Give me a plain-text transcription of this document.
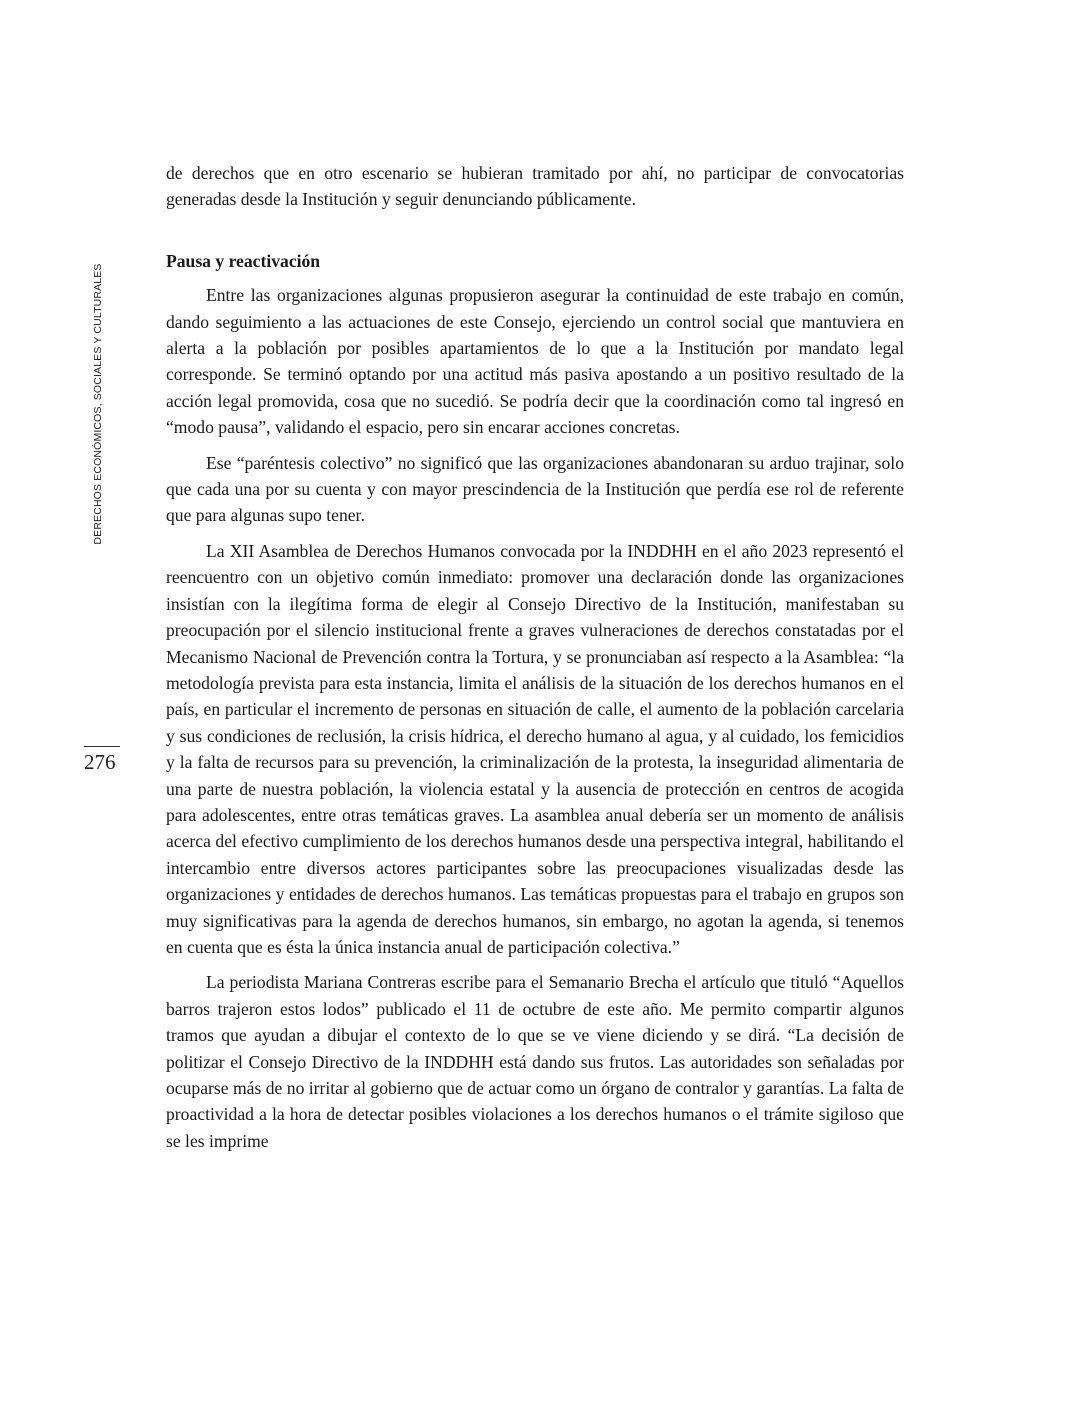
DERECHOS ECONÓMICOS, SOCIALES Y CULTURALES
276

de derechos que en otro escenario se hubieran tramitado por ahí, no participar de convocatorias generadas desde la Institución y seguir denunciando públicamente.

Pausa y reactivación

Entre las organizaciones algunas propusieron asegurar la continuidad de este trabajo en común, dando seguimiento a las actuaciones de este Consejo, ejerciendo un control social que mantuviera en alerta a la población por posibles apartamientos de lo que a la Institución por mandato legal corresponde. Se terminó optando por una actitud más pasiva apostando a un positivo resultado de la acción legal promovida, cosa que no sucedió. Se podría decir que la coordinación como tal ingresó en “modo pausa”, validando el espacio, pero sin encarar acciones concretas.

Ese “paréntesis colectivo” no significó que las organizaciones abandonaran su arduo trajinar, solo que cada una por su cuenta y con mayor prescindencia de la Institución que perdía ese rol de referente que para algunas supo tener.

La XII Asamblea de Derechos Humanos convocada por la INDDHH en el año 2023 representó el reencuentro con un objetivo común inmediato: promover una declaración donde las organizaciones insistían con la ilegítima forma de elegir al Consejo Directivo de la Institución, manifestaban su preocupación por el silencio institucional frente a graves vulneraciones de derechos constatadas por el Mecanismo Nacional de Prevención contra la Tortura, y se pronunciaban así respecto a la Asamblea: “la metodología prevista para esta instancia, limita el análisis de la situación de los derechos humanos en el país, en particular el incremento de personas en situación de calle, el aumento de la población carcelaria y sus condiciones de reclusión, la crisis hídrica, el derecho humano al agua, y al cuidado, los femicidios y la falta de recursos para su prevención, la criminalización de la protesta, la inseguridad alimentaria de una parte de nuestra población, la violencia estatal y la ausencia de protección en centros de acogida para adolescentes, entre otras temáticas graves. La asamblea anual debería ser un momento de análisis acerca del efectivo cumplimiento de los derechos humanos desde una perspectiva integral, habilitando el intercambio entre diversos actores participantes sobre las preocupaciones visualizadas desde las organizaciones y entidades de derechos humanos. Las temáticas propuestas para el trabajo en grupos son muy significativas para la agenda de derechos humanos, sin embargo, no agotan la agenda, si tenemos en cuenta que es ésta la única instancia anual de participación colectiva.”

La periodista Mariana Contreras escribe para el Semanario Brecha el artículo que tituló “Aquellos barros trajeron estos lodos” publicado el 11 de octubre de este año. Me permito compartir algunos tramos que ayudan a dibujar el contexto de lo que se ve viene diciendo y se dirá. “La decisión de politizar el Consejo Directivo de la INDDHH está dando sus frutos. Las autoridades son señaladas por ocuparse más de no irritar al gobierno que de actuar como un órgano de contralor y garantías. La falta de proactividad a la hora de detectar posibles violaciones a los derechos humanos o el trámite sigiloso que se les imprime
